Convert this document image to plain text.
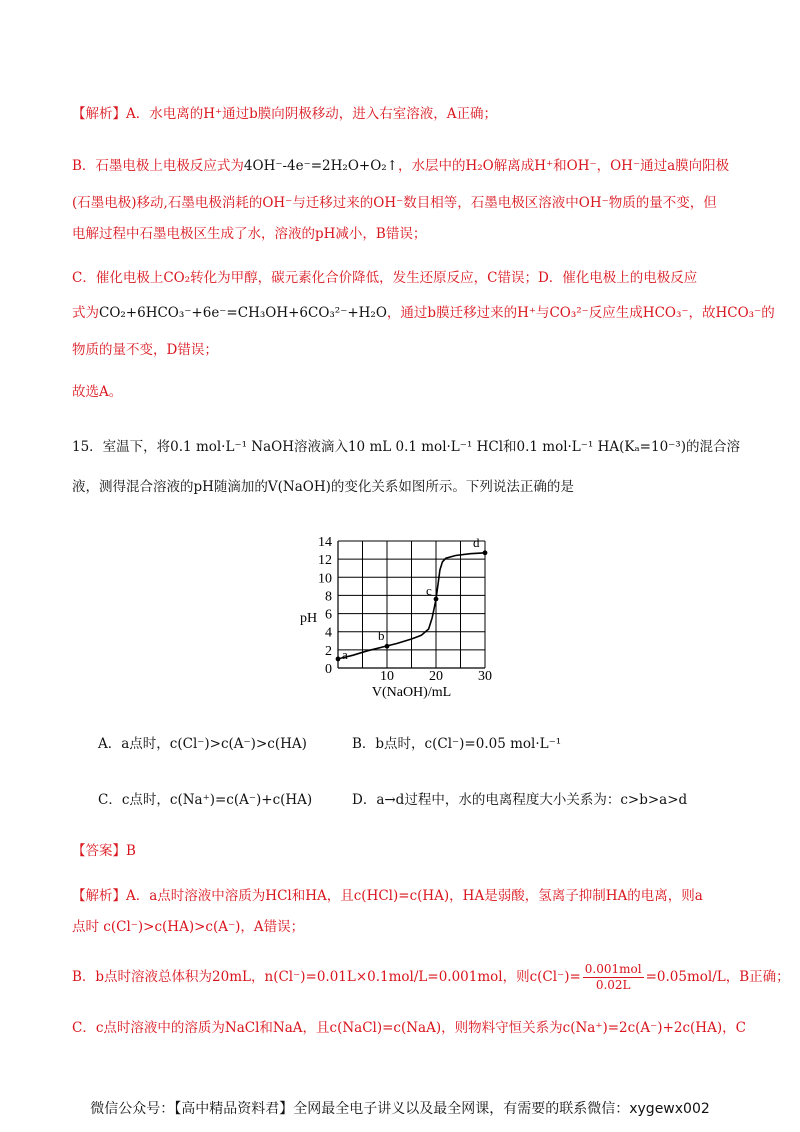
【解析】A．水电离的H⁺通过b膜向阴极移动，进入右室溶液，A正确；
B．石墨电极上电极反应式为4OH⁻-4e⁻=2H₂O+O₂↑，水层中的H₂O解离成H⁺和OH⁻，OH⁻通过a膜向阳极
(石墨电极)移动,石墨电极消耗的OH⁻与迁移过来的OH⁻数目相等，石墨电极区溶液中OH⁻物质的量不变，但
电解过程中石墨电极区生成了水，溶液的pH减小，B错误；
C．催化电极上CO₂转化为甲醇，碳元素化合价降低，发生还原反应，C错误；D．催化电极上的电极反应
式为CO₂+6HCO₃⁻+6e⁻=CH₃OH+6CO₃²⁻+H₂O，通过b膜迁移过来的H⁺与CO₃²⁻反应生成HCO₃⁻，故HCO₃⁻的
物质的量不变，D错误；
故选A。
15．室温下，将0.1 mol·L⁻¹ NaOH溶液滴入10 mL 0.1 mol·L⁻¹ HCl和0.1 mol·L⁻¹ HA(Kₐ=10⁻³)的混合溶
液，测得混合溶液的pH随滴加的V(NaOH)的变化关系如图所示。下列说法正确的是
0
2
4
6
8
10
12
14
10	20	30
pH
V(NaOH)/mL
a
b
c
d
A．a点时，c(Cl⁻)>c(A⁻)>c(HA)	B．b点时，c(Cl⁻)=0.05 mol·L⁻¹
C．c点时，c(Na⁺)=c(A⁻)+c(HA)	D．a→d过程中，水的电离程度大小关系为：c>b>a>d
【答案】B
【解析】A．a点时溶液中溶质为HCl和HA，且c(HCl)=c(HA)，HA是弱酸，氢离子抑制HA的电离，则a
点时 c(Cl⁻)>c(HA)>c(A⁻)，A错误；
B．b点时溶液总体积为20mL，n(Cl⁻)=0.01L×0.1mol/L=0.001mol，则$c(Cl^-)= \frac{\text{0.001mol}}{0.02L} =0.05mol/L$，B正确；
C．c点时溶液中的溶质为NaCl和NaA，且c(NaCl)=c(NaA)，则物料守恒关系为c(Na⁺)=2c(A⁻)+2c(HA)，C
微信公众号：【高中精品资料君】全网最全电子讲义以及最全网课，有需要的联系微信：xygewx002
